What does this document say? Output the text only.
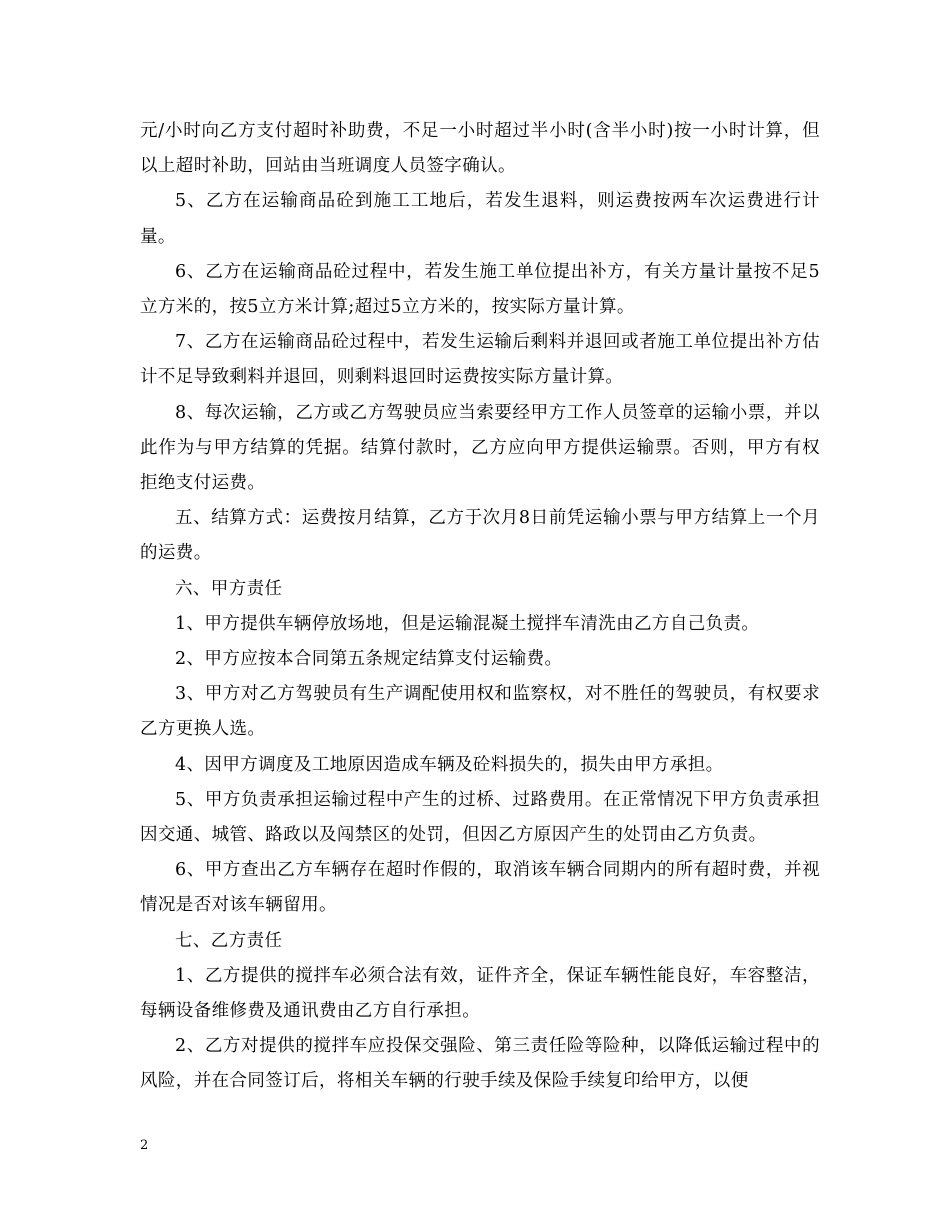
元/小时向乙方支付超时补助费，不足一小时超过半小时(含半小时)按一小时计算，但以上超时补助，回站由当班调度人员签字确认。

5、乙方在运输商品砼到施工工地后，若发生退料，则运费按两车次运费进行计量。

6、乙方在运输商品砼过程中，若发生施工单位提出补方，有关方量计量按不足5立方米的，按5立方米计算;超过5立方米的，按实际方量计算。

7、乙方在运输商品砼过程中，若发生运输后剩料并退回或者施工单位提出补方估计不足导致剩料并退回，则剩料退回时运费按实际方量计算。

8、每次运输，乙方或乙方驾驶员应当索要经甲方工作人员签章的运输小票，并以此作为与甲方结算的凭据。结算付款时，乙方应向甲方提供运输票。否则，甲方有权拒绝支付运费。

五、结算方式：运费按月结算，乙方于次月8日前凭运输小票与甲方结算上一个月的运费。

六、甲方责任

1、甲方提供车辆停放场地，但是运输混凝土搅拌车清洗由乙方自己负责。

2、甲方应按本合同第五条规定结算支付运输费。

3、甲方对乙方驾驶员有生产调配使用权和监察权，对不胜任的驾驶员，有权要求乙方更换人选。

4、因甲方调度及工地原因造成车辆及砼料损失的，损失由甲方承担。

5、甲方负责承担运输过程中产生的过桥、过路费用。在正常情况下甲方负责承担因交通、城管、路政以及闯禁区的处罚，但因乙方原因产生的处罚由乙方负责。

6、甲方查出乙方车辆存在超时作假的，取消该车辆合同期内的所有超时费，并视情况是否对该车辆留用。

七、乙方责任

1、乙方提供的搅拌车必须合法有效，证件齐全，保证车辆性能良好，车容整洁，每辆设备维修费及通讯费由乙方自行承担。

2、乙方对提供的搅拌车应投保交强险、第三责任险等险种，以降低运输过程中的风险，并在合同签订后，将相关车辆的行驶手续及保险手续复印给甲方，以便

2
